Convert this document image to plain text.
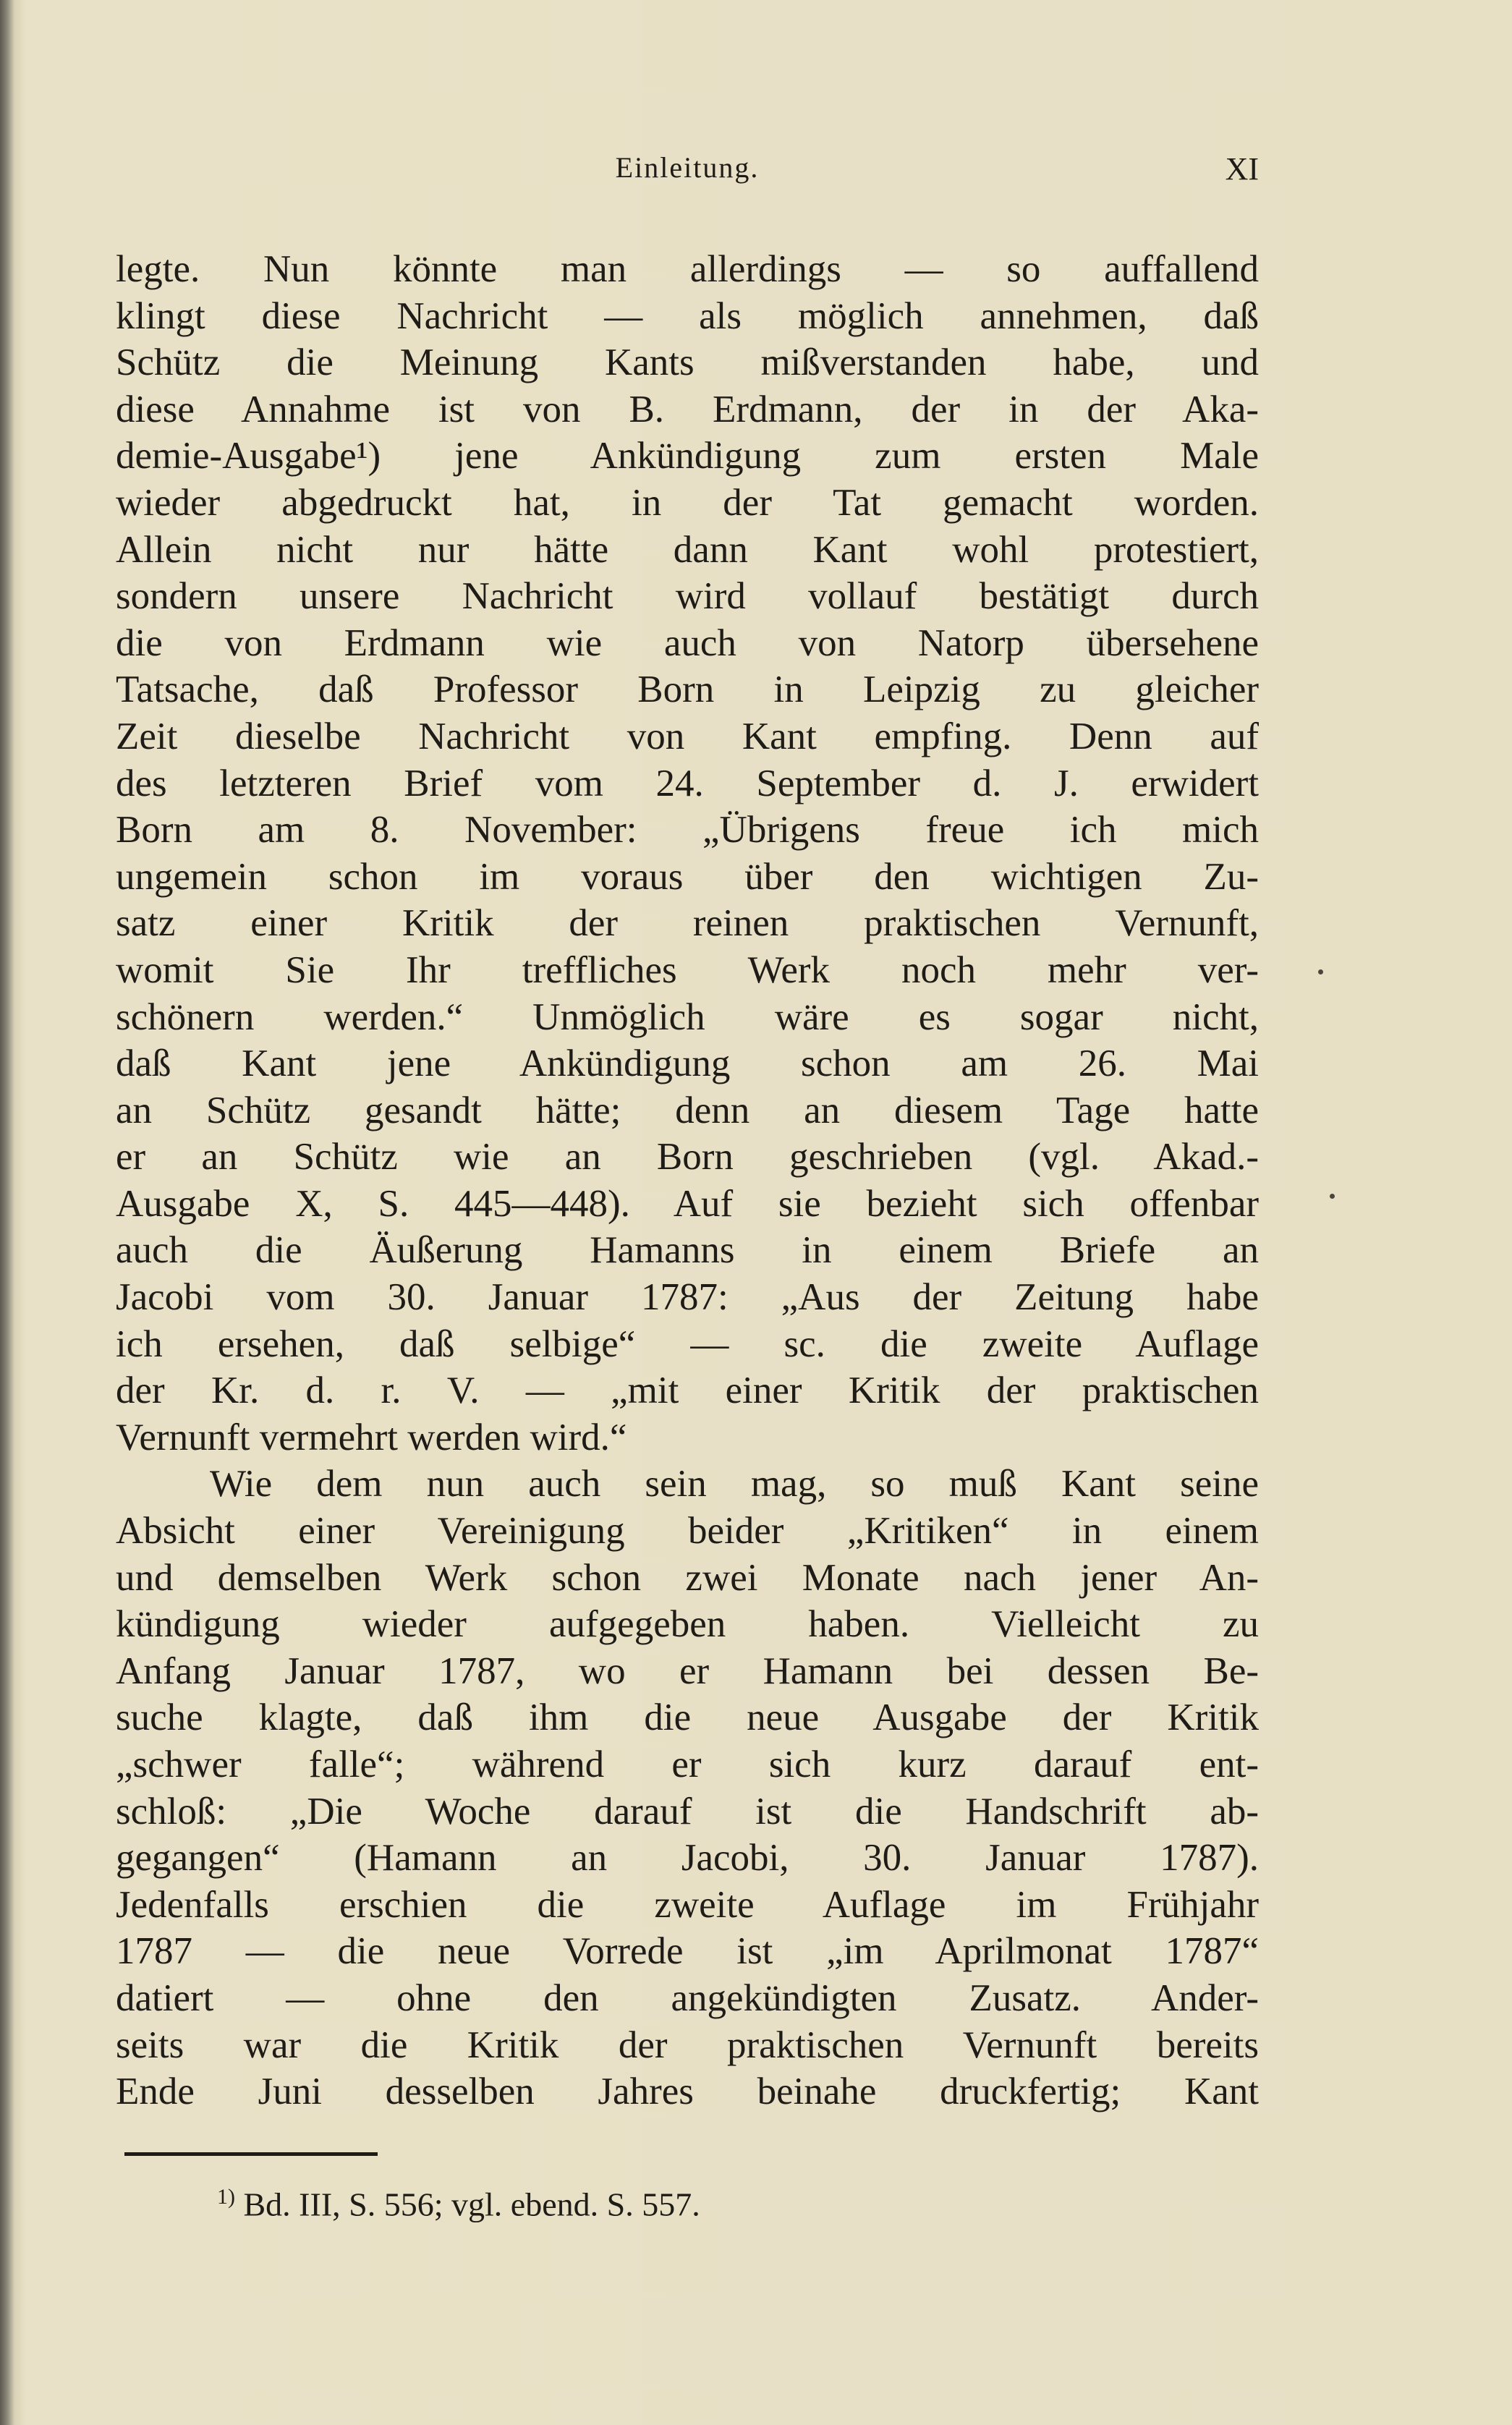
Einleitung.	XI
legte. Nun könnte man allerdings — so auffallend
klingt diese Nachricht — als möglich annehmen, daß
Schütz die Meinung Kants mißverstanden habe, und
diese Annahme ist von B. Erdmann, der in der Aka-
demie-Ausgabe¹) jene Ankündigung zum ersten Male
wieder abgedruckt hat, in der Tat gemacht worden.
Allein nicht nur hätte dann Kant wohl protestiert,
sondern unsere Nachricht wird vollauf bestätigt durch
die von Erdmann wie auch von Natorp übersehene
Tatsache, daß Professor Born in Leipzig zu gleicher
Zeit dieselbe Nachricht von Kant empfing. Denn auf
des letzteren Brief vom 24. September d. J. erwidert
Born am 8. November: „Übrigens freue ich mich
ungemein schon im voraus über den wichtigen Zu-
satz einer Kritik der reinen praktischen Vernunft,
womit Sie Ihr treffliches Werk noch mehr ver-
schönern werden.“ Unmöglich wäre es sogar nicht,
daß Kant jene Ankündigung schon am 26. Mai
an Schütz gesandt hätte; denn an diesem Tage hatte
er an Schütz wie an Born geschrieben (vgl. Akad.-
Ausgabe X, S. 445—448). Auf sie bezieht sich offenbar
auch die Äußerung Hamanns in einem Briefe an
Jacobi vom 30. Januar 1787: „Aus der Zeitung habe
ich ersehen, daß selbige“ — sc. die zweite Auflage
der Kr. d. r. V. — „mit einer Kritik der praktischen
Vernunft vermehrt werden wird.“
Wie dem nun auch sein mag, so muß Kant seine
Absicht einer Vereinigung beider „Kritiken“ in einem
und demselben Werk schon zwei Monate nach jener An-
kündigung wieder aufgegeben haben. Vielleicht zu
Anfang Januar 1787, wo er Hamann bei dessen Be-
suche klagte, daß ihm die neue Ausgabe der Kritik
„schwer falle“; während er sich kurz darauf ent-
schloß: „Die Woche darauf ist die Handschrift ab-
gegangen“ (Hamann an Jacobi, 30. Januar 1787).
Jedenfalls erschien die zweite Auflage im Frühjahr
1787 — die neue Vorrede ist „im Aprilmonat 1787“
datiert — ohne den angekündigten Zusatz. Ander-
seits war die Kritik der praktischen Vernunft bereits
Ende Juni desselben Jahres beinahe druckfertig; Kant
$^{1)}$ Bd. III, S. 556; vgl. ebend. S. 557.
